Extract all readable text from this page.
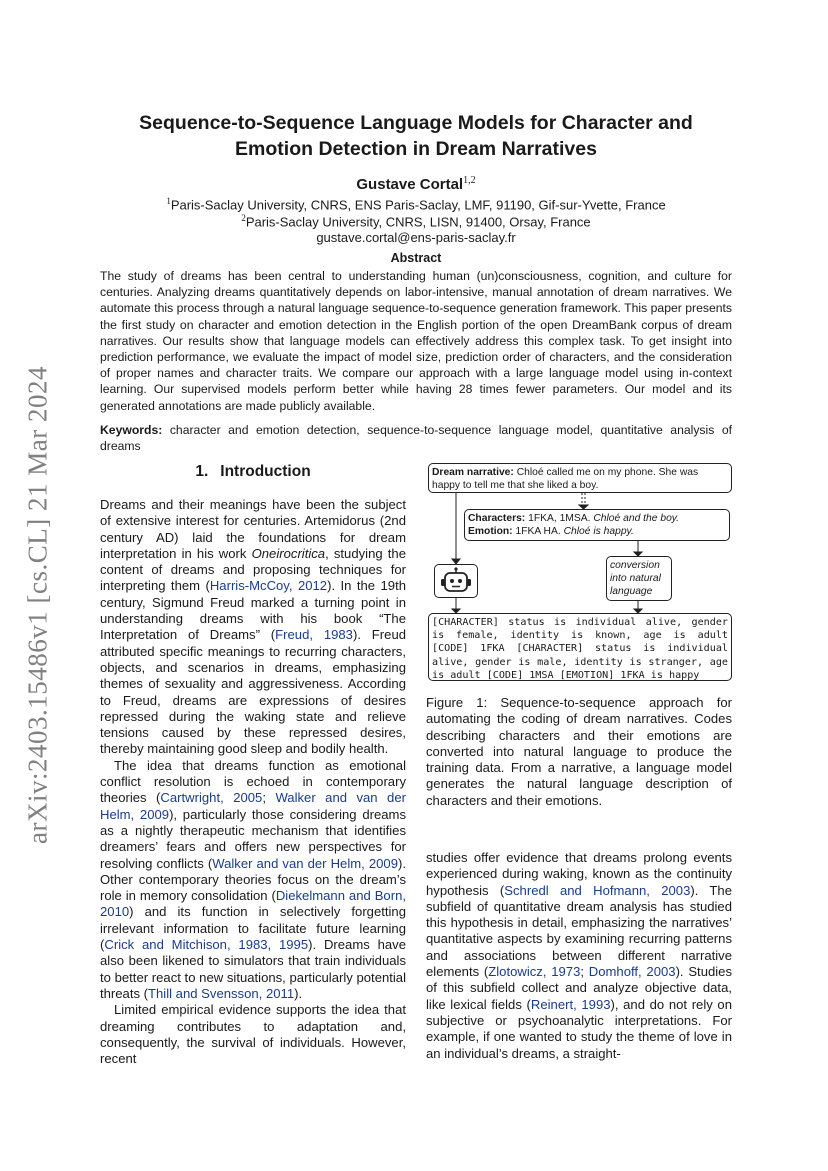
arXiv:2403.15486v1 [cs.CL] 21 Mar 2024
Sequence-to-Sequence Language Models for Character and
Emotion Detection in Dream Narratives
Gustave Cortal$^{1,2}$
$^1$Paris-Saclay University, CNRS, ENS Paris-Saclay, LMF, 91190, Gif-sur-Yvette, France
$^2$Paris-Saclay University, CNRS, LISN, 91400, Orsay, France
gustave.cortal@ens-paris-saclay.fr
Abstract

The study of dreams has been central to understanding human (un)consciousness, cognition, and culture for centuries. Analyzing dreams quantitatively depends on labor-intensive, manual annotation of dream narratives. We automate this process through a natural language sequence-to-sequence generation framework. This paper presents the first study on character and emotion detection in the English portion of the open DreamBank corpus of dream narratives. Our results show that language models can effectively address this complex task. To get insight into prediction performance, we evaluate the impact of model size, prediction order of characters, and the consideration of proper names and character traits. We compare our approach with a large language model using in-context learning. Our supervised models perform better while having 28 times fewer parameters. Our model and its generated annotations are made publicly available.

Keywords: character and emotion detection, sequence-to-sequence language model, quantitative analysis of dreams

1. Introduction

Dreams and their meanings have been the subject of extensive interest for centuries. Artemidorus (2nd century AD) laid the foundations for dream interpretation in his work Oneirocritica, studying the content of dreams and proposing techniques for interpreting them (Harris-McCoy, 2012). In the 19th century, Sigmund Freud marked a turning point in understanding dreams with his book “The Interpretation of Dreams” (Freud, 1983). Freud attributed specific meanings to recurring characters, objects, and scenarios in dreams, emphasizing themes of sexuality and aggressiveness. According to Freud, dreams are expressions of desires repressed during the waking state and relieve tensions caused by these repressed desires, thereby maintaining good sleep and bodily health.

The idea that dreams function as emotional conflict resolution is echoed in contemporary theories (Cartwright, 2005; Walker and van der Helm, 2009), particularly those considering dreams as a nightly therapeutic mechanism that identifies dreamers’ fears and offers new perspectives for resolving conflicts (Walker and van der Helm, 2009). Other contemporary theories focus on the dream’s role in memory consolidation (Diekelmann and Born, 2010) and its function in selectively forgetting irrelevant information to facilitate future learning (Crick and Mitchison, 1983, 1995). Dreams have also been likened to simulators that train individuals to better react to new situations, particularly potential threats (Thill and Svensson, 2011).

Limited empirical evidence supports the idea that dreaming contributes to adaptation and, consequently, the survival of individuals. However, recent

Dream narrative: Chloé called me on my phone. She was happy to tell me that she liked a boy.
Characters: 1FKA, 1MSA. Chloé and the boy.
Emotion: 1FKA HA. Chloé is happy.
conversion into natural language
[CHARACTER] status is individual alive, gender is female, identity is known, age is adult [CODE] 1FKA [CHARACTER] status is individual alive, gender is male, identity is stranger, age is adult [CODE] 1MSA [EMOTION] 1FKA is happy

Figure 1: Sequence-to-sequence approach for automating the coding of dream narratives. Codes describing characters and their emotions are converted into natural language to produce the training data. From a narrative, a language model generates the natural language description of characters and their emotions.

studies offer evidence that dreams prolong events experienced during waking, known as the continuity hypothesis (Schredl and Hofmann, 2003). The subfield of quantitative dream analysis has studied this hypothesis in detail, emphasizing the narratives’ quantitative aspects by examining recurring patterns and associations between different narrative elements (Zlotowicz, 1973; Domhoff, 2003). Studies of this subfield collect and analyze objective data, like lexical fields (Reinert, 1993), and do not rely on subjective or psychoanalytic interpretations. For example, if one wanted to study the theme of love in an individual’s dreams, a straight-
